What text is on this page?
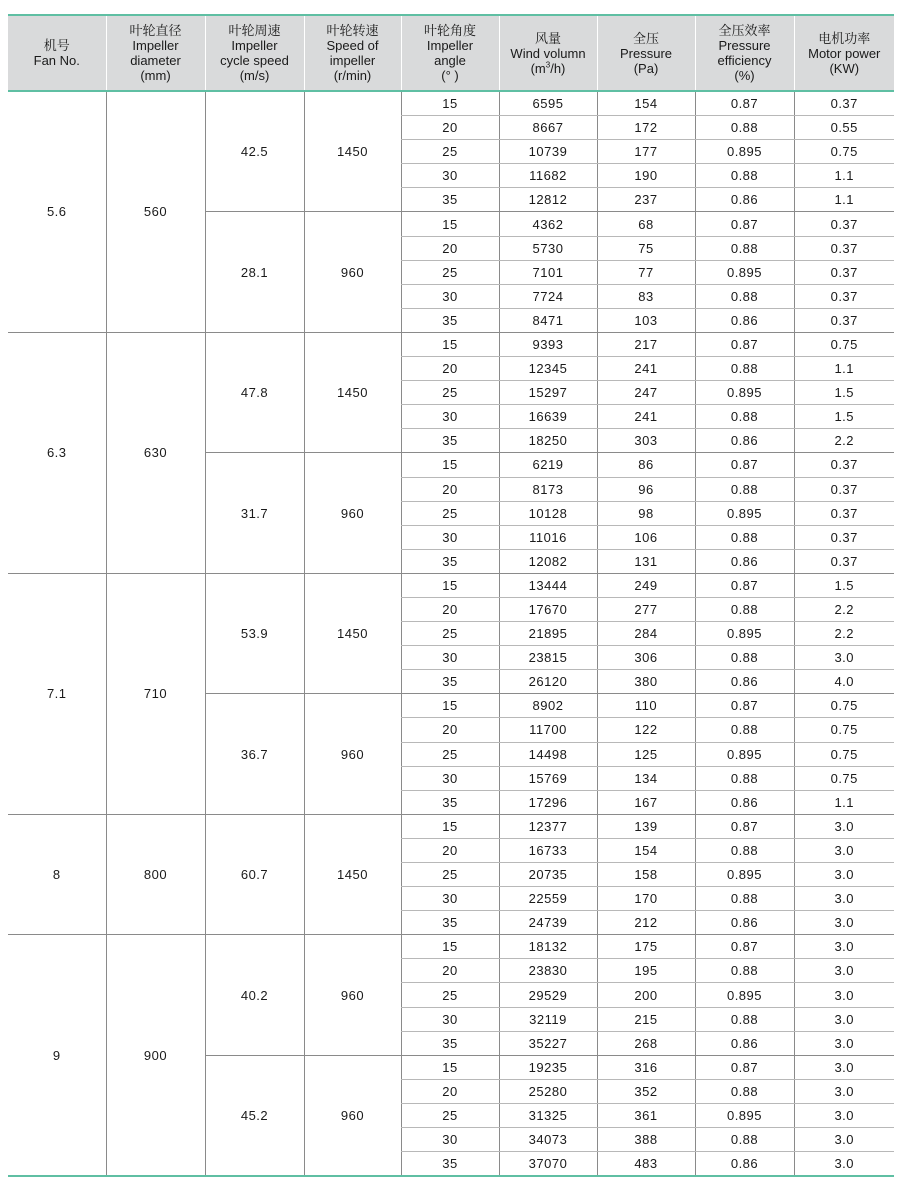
机号
Fan No.	叶轮直径
Impeller
diameter
(mm)	叶轮周速
Impeller
cycle speed
(m/s)	叶轮转速
Speed of
impeller
(r/min)	叶轮角度
Impeller
angle
(° )	风量
Wind volumn
$(m^3/h)$	全压
Pressure
(Pa)	全压效率
Pressure
efficiency
(%)	电机功率
Motor power
(KW)

5.6	560	42.5	1450	15	6595	154	0.87	0.37
				20	8667	172	0.88	0.55
				25	10739	177	0.895	0.75
				30	11682	190	0.88	1.1
				35	12812	237	0.86	1.1
		28.1	960	15	4362	68	0.87	0.37
				20	5730	75	0.88	0.37
				25	7101	77	0.895	0.37
				30	7724	83	0.88	0.37
				35	8471	103	0.86	0.37
6.3	630	47.8	1450	15	9393	217	0.87	0.75
				20	12345	241	0.88	1.1
				25	15297	247	0.895	1.5
				30	16639	241	0.88	1.5
				35	18250	303	0.86	2.2
		31.7	960	15	6219	86	0.87	0.37
				20	8173	96	0.88	0.37
				25	10128	98	0.895	0.37
				30	11016	106	0.88	0.37
				35	12082	131	0.86	0.37
7.1	710	53.9	1450	15	13444	249	0.87	1.5
				20	17670	277	0.88	2.2
				25	21895	284	0.895	2.2
				30	23815	306	0.88	3.0
				35	26120	380	0.86	4.0
		36.7	960	15	8902	110	0.87	0.75
				20	11700	122	0.88	0.75
				25	14498	125	0.895	0.75
				30	15769	134	0.88	0.75
				35	17296	167	0.86	1.1
8	800	60.7	1450	15	12377	139	0.87	3.0
				20	16733	154	0.88	3.0
				25	20735	158	0.895	3.0
				30	22559	170	0.88	3.0
				35	24739	212	0.86	3.0
9	900	40.2	960	15	18132	175	0.87	3.0
				20	23830	195	0.88	3.0
				25	29529	200	0.895	3.0
				30	32119	215	0.88	3.0
				35	35227	268	0.86	3.0
		45.2	960	15	19235	316	0.87	3.0
				20	25280	352	0.88	3.0
				25	31325	361	0.895	3.0
				30	34073	388	0.88	3.0
				35	37070	483	0.86	3.0
